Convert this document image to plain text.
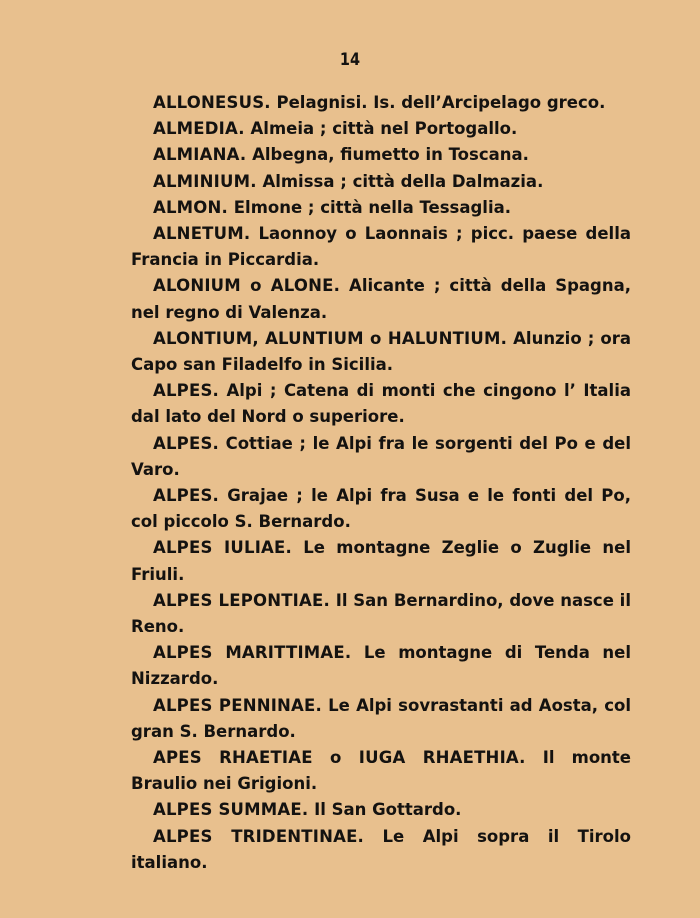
14

ALLONESUS. Pelagnisi. Is. dell’Arcipelago greco.

ALMEDIA. Almeia ; città nel Portogallo.

ALMIANA. Albegna, fiumetto in Toscana.

ALMINIUM. Almissa ; città della Dalmazia.

ALMON. Elmone ; città nella Tessaglia.

ALNETUM. Laonnoy o Laonnais ; picc. paese della Francia in Piccardia.

ALONIUM o ALONE. Alicante ; città della Spagna, nel regno di Valenza.

ALONTIUM, ALUNTIUM o HALUNTIUM. Alunzio ; ora Capo san Filadelfo in Sicilia.

ALPES. Alpi ; Catena di monti che cingono l’ Italia dal lato del Nord o superiore.

ALPES. Cottiae ; le Alpi fra le sorgenti del Po e del Varo.

ALPES. Grajae ; le Alpi fra Susa e le fonti del Po, col piccolo S. Bernardo.

ALPES IULIAE. Le montagne Zeglie o Zuglie nel Friuli.

ALPES LEPONTIAE. Il San Bernardino, dove nasce il Reno.

ALPES MARITTIMAE. Le montagne di Tenda nel Nizzardo.

ALPES PENNINAE. Le Alpi sovrastanti ad Aosta, col gran S. Bernardo.

APES RHAETIAE o IUGA RHAETHIA. Il monte Braulio nei Grigioni.

ALPES SUMMAE. Il San Gottardo.

ALPES TRIDENTINAE. Le Alpi sopra il Tirolo italiano.
